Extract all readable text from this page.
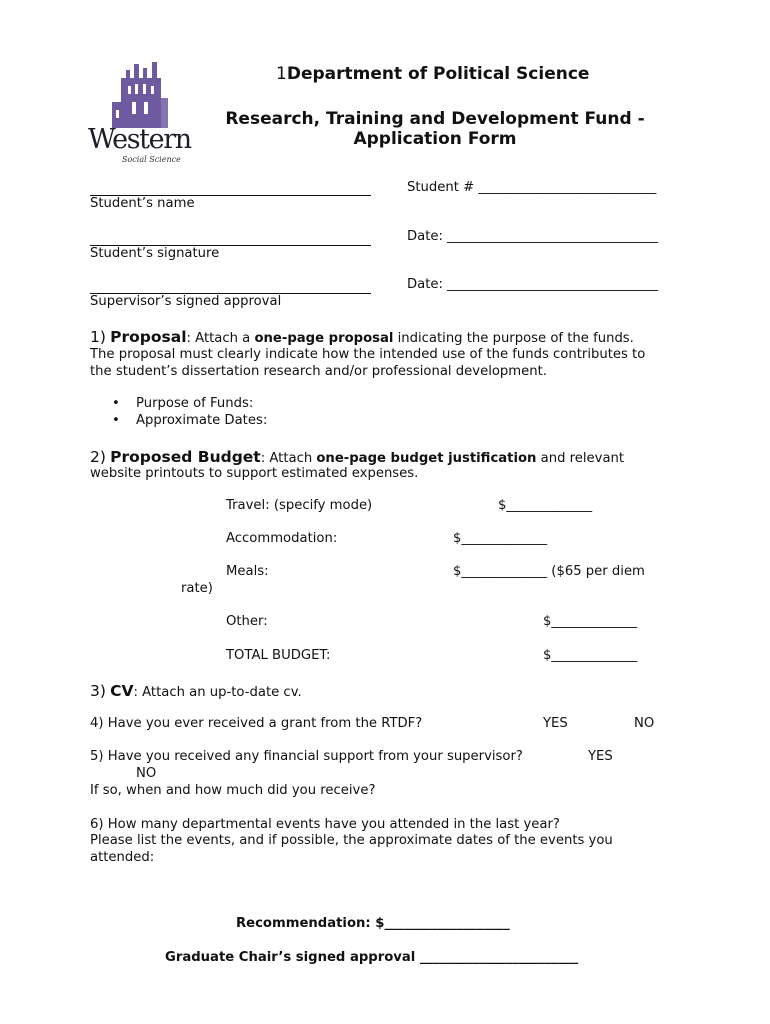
Western
Social Science
1Department of Political Science
Research, Training and Development Fund -
Application Form
Student’s name
Student # ___________________________
Student’s signature
Date: ________________________________
Supervisor’s signed approval
Date: ________________________________
1) Proposal: Attach a one-page proposal indicating the purpose of the funds.
The proposal must clearly indicate how the intended use of the funds contributes to
the student’s dissertation research and/or professional development.
• Purpose of Funds:
• Approximate Dates:
2) Proposed Budget: Attach one-page budget justification and relevant
website printouts to support estimated expenses.
Travel: (specify mode)	$_____________
Accommodation:	$_____________
Meals:	$_____________ ($65 per diem
rate)
Other:	$_____________
TOTAL BUDGET:	$_____________
3) CV: Attach an up-to-date cv.
4) Have you ever received a grant from the RTDF?	YES	NO
5) Have you received any financial support from your supervisor?	YES
NO
If so, when and how much did you receive?
6) How many departmental events have you attended in the last year?
Please list the events, and if possible, the approximate dates of the events you
attended:
Recommendation: $___________________
Graduate Chair’s signed approval ________________________
